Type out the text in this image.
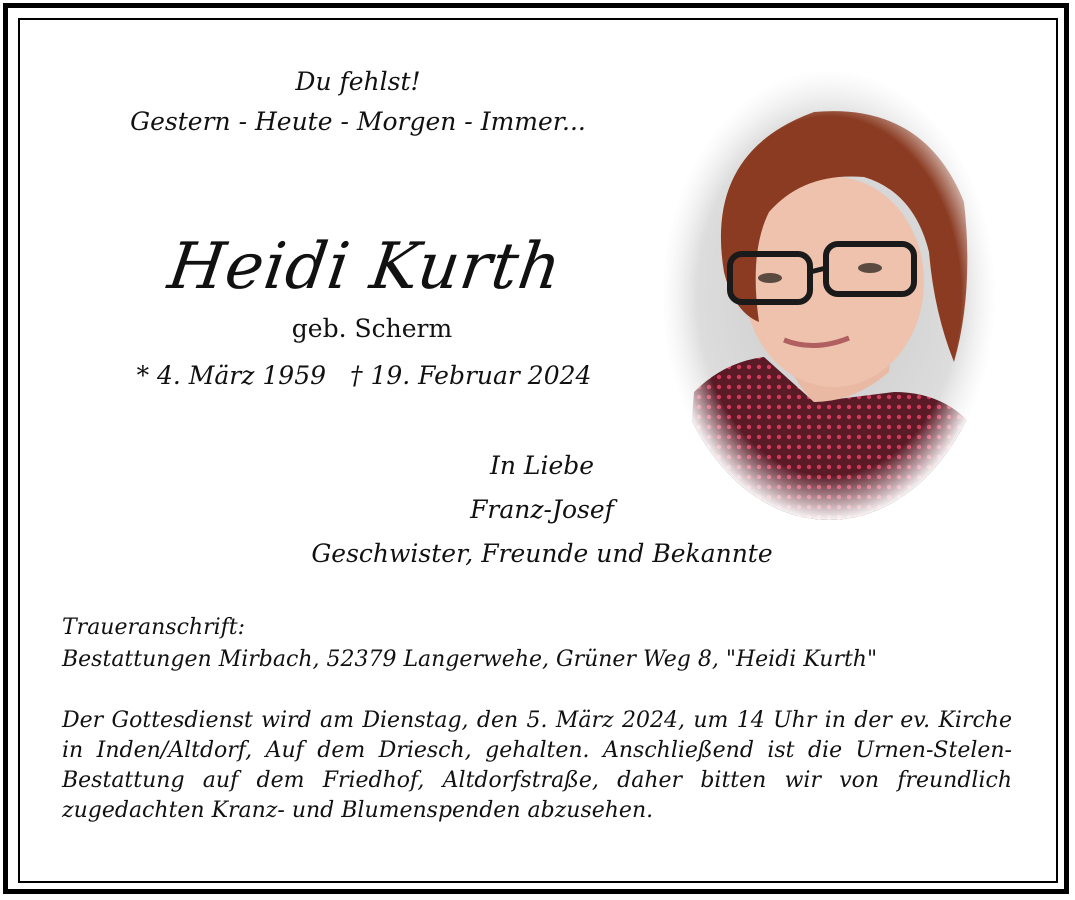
Du fehlst!
Gestern - Heute - Morgen - Immer...
Heidi Kurth
geb. Scherm
* 4. März 1959 † 19. Februar 2024
In Liebe
Franz-Josef
Geschwister, Freunde und Bekannte
Traueranschrift:
Bestattungen Mirbach, 52379 Langerwehe, Grüner Weg 8, "Heidi Kurth"
Der Gottesdienst wird am Dienstag, den 5. März 2024, um 14 Uhr in der ev. Kirche in Inden/Altdorf, Auf dem Driesch, gehalten. Anschließend ist die Urnen-Stelen-Bestattung auf dem Friedhof, Altdorfstraße, daher bitten wir von freundlich zugedachten Kranz- und Blumenspenden abzusehen.
